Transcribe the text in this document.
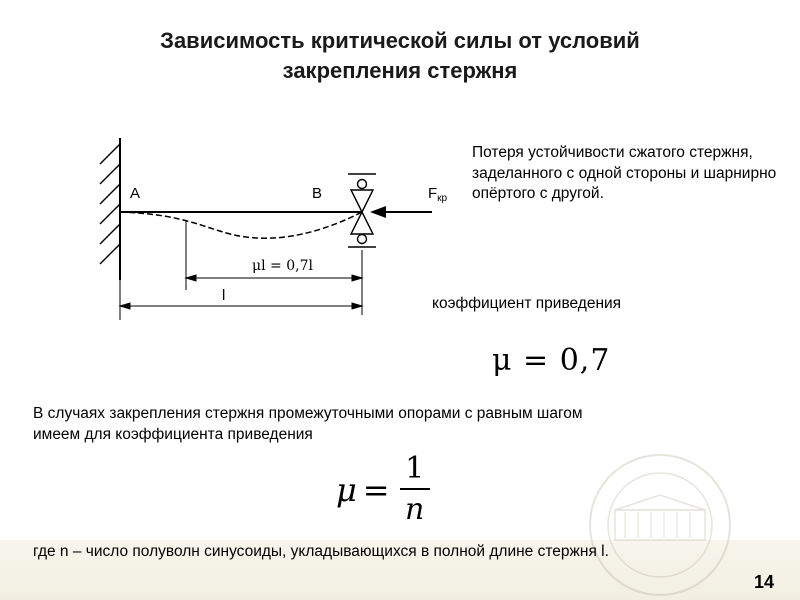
Зависимость критической силы от условий
закрепления стержня
A	B	$F_{кр}$
μl = 0,7l
l
Потеря устойчивости сжатого стержня, заделанного с одной стороны и шарнирно опёртого с другой.
коэффициент приведения
μ = 0,7
В случаях закрепления стержня промежуточными опорами с равным шагом
имеем для коэффициента приведения
$\mu = \frac{1}{n}$
где n – число полуволн синусоиды, укладывающихся в полной длине стержня l.
14
